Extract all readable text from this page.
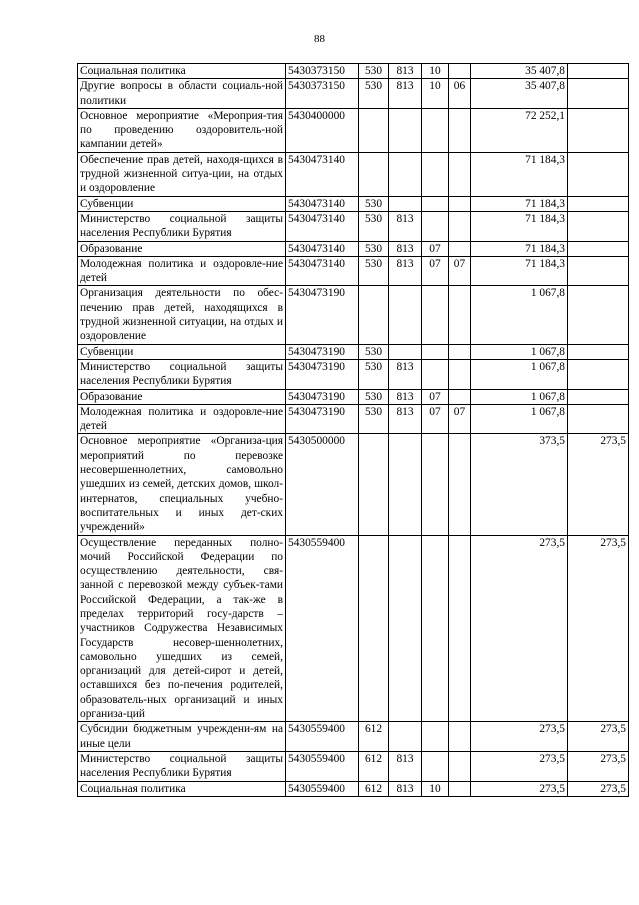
88
Социальная политика	5430373150	530	813	10		35 407,8	
Другие вопросы в области социаль-ной политики	5430373150	530	813	10	06	35 407,8	
Основное мероприятие «Мероприя-тия по проведению оздоровитель-ной кампании детей»	5430400000					72 252,1	
Обеспечение прав детей, находя-щихся в трудной жизненной ситуа-ции, на отдых и оздоровление	5430473140					71 184,3	
Субвенции	5430473140	530				71 184,3	
Министерство социальной защиты населения Республики Бурятия	5430473140	530	813			71 184,3	
Образование	5430473140	530	813	07		71 184,3	
Молодежная политика и оздоровле-ние детей	5430473140	530	813	07	07	71 184,3	
Организация деятельности по обес-печению прав детей, находящихся в трудной жизненной ситуации, на отдых и оздоровление	5430473190					1 067,8	
Субвенции	5430473190	530				1 067,8	
Министерство социальной защиты населения Республики Бурятия	5430473190	530	813			1 067,8	
Образование	5430473190	530	813	07		1 067,8	
Молодежная политика и оздоровле-ние детей	5430473190	530	813	07	07	1 067,8	
Основное мероприятие «Организа-ция мероприятий по перевозке несовершеннолетних, самовольно ушедших из семей, детских домов, школ-интернатов, специальных учебно-воспитательных и иных дет-ских учреждений»	5430500000					373,5	273,5
Осуществление переданных полно-мочий Российской Федерации по осуществлению деятельности, свя-занной с перевозкой между субъек-тами Российской Федерации, а так-же в пределах территорий госу-дарств – участников Содружества Независимых Государств несовер-шеннолетних, самовольно ушедших из семей, организаций для детей-сирот и детей, оставшихся без по-печения родителей, образователь-ных организаций и иных организа-ций	5430559400					273,5	273,5
Субсидии бюджетным учреждени-ям на иные цели	5430559400	612				273,5	273,5
Министерство социальной защиты населения Республики Бурятия	5430559400	612	813			273,5	273,5
Социальная политика	5430559400	612	813	10		273,5	273,5
